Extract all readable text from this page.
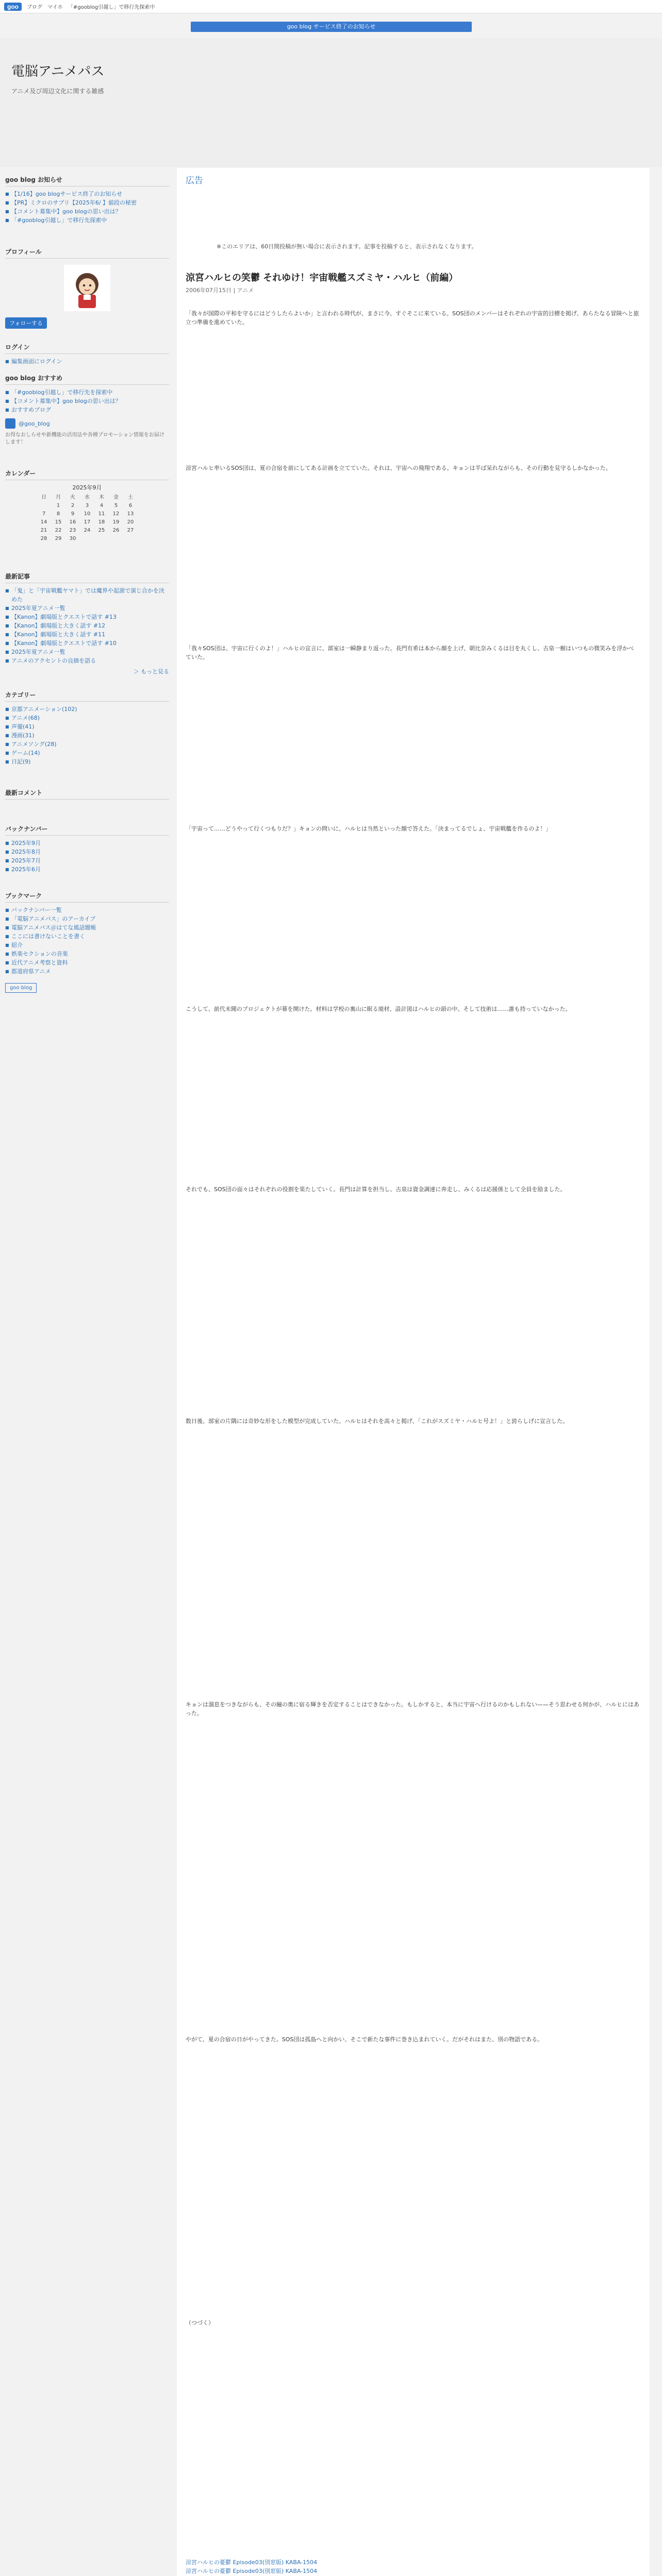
goo	ブログ マイホ 「#gooblog引越し」で移行先探索中
goo blog サービス終了のお知らせ
電脳アニメパス
アニメ及び周辺文化に関する雑感
goo blog お知らせ
■ 【1/16】goo blogサービス終了のお知らせ
■ 【PR】ミクロのサプリ【2025年6/ 】値段の秘密
■ 【コメント募集中】goo blogの思い出は？
■ 「#gooblog引越し」で移行先探索中
プロフィール
フォローする
ログイン
■ 編集画面にログイン
goo blog おすすめ
■ 「#gooblog引越し」で移行先を探索中
■ 【コメント募集中】goo blogの思い出は？
■ おすすめブログ
@goo_blog
お得なおしらせや新機能の活用法や各種プロモーション情報をお届けします！
カレンダー
2025年9月
日	月	火	水	木	金	土
	1	2	3	4	5	6
7	8	9	10	11	12	13
14	15	16	17	18	19	20
21	22	23	24	25	26	27
28	29	30				
最新記事
■ 「鬼」と「宇宙戦艦ヤマト」では魔界や起源で演じ合かを決めた
■ 2025年夏アニメ一覧
■ 【Kanon】劇場版とクエストで話す #13
■ 【Kanon】劇場版と大きく話す #12
■ 【Kanon】劇場版と大きく話す #11
■ 【Kanon】劇場版とクエストで話す #10
■ 2025年夏アニメ一覧
■ アニメのアクセントの良価を語る
＞ もっと見る
カテゴリー
■ 京都アニメーション(102)
■ アニメ(68)
■ 声優(41)
■ 漫画(31)
■ アニメソング(28)
■ ゲーム(14)
■ 日記(9)
最新コメント
バックナンバー
■ 2025年9月
■ 2025年8月
■ 2025年7月
■ 2025年6月
ブックマーク
■ バックナンバー一覧
■ 「電脳アニメパス」のアーカイブ
■ 電脳アニメパス＠はてな風話題帳
■ ここには書けないことを書く
■ 紹介
■ 娯楽セクションの音楽
■ 近代アニメ考察と資料
■ 都道府県アニメ
goo blog
広告
※このエリアは、60日間投稿が無い場合に表示されます。記事を投稿すると、表示されなくなります。
涼宮ハルヒの笑鬱 それゆけ！宇宙戦艦スズミヤ・ハルヒ（前編）
2006年07月15日 | アニメ
「我々が国際の平和を守るにはどうしたらよいか」と言われる時代が、まさに今、すぐそこに来ている。SOS団のメンバーはそれぞれの宇宙的目標を掲げ、あらたなる冒険へと旅立つ準備を進めていた。
涼宮ハルヒ率いるSOS団は、夏の合宿を前にしてある計画を立てていた。それは、宇宙への飛翔である。キョンは半ば呆れながらも、その行動を見守るしかなかった。
「我々SOS団は、宇宙に行くのよ！」ハルヒの宣言に、部室は一瞬静まり返った。長門有希は本から顔を上げ、朝比奈みくるは目を丸くし、古泉一樹はいつもの微笑みを浮かべていた。
「宇宙って……どうやって行くつもりだ？」キョンの問いに、ハルヒは当然といった顔で答えた。「決まってるでしょ、宇宙戦艦を作るのよ！」
こうして、前代未聞のプロジェクトが幕を開けた。材料は学校の裏山に眠る廃材、設計図はハルヒの頭の中、そして技術は……誰も持っていなかった。
それでも、SOS団の面々はそれぞれの役割を果たしていく。長門は計算を担当し、古泉は資金調達に奔走し、みくるは応援係として全員を励ました。
数日後、部室の片隅には奇妙な形をした模型が完成していた。ハルヒはそれを高々と掲げ、「これがスズミヤ・ハルヒ号よ！」と誇らしげに宣言した。
キョンは溜息をつきながらも、その瞳の奥に宿る輝きを否定することはできなかった。もしかすると、本当に宇宙へ行けるのかもしれない——そう思わせる何かが、ハルヒにはあった。
やがて、夏の合宿の日がやってきた。SOS団は孤島へと向かい、そこで新たな事件に巻き込まれていく。だがそれはまた、別の物語である。
（つづく）
涼宮ハルヒの憂鬱 Episode03(別窓版) KABA-1504
涼宮ハルヒの憂鬱 Episode03(別窓版) KABA-1504
